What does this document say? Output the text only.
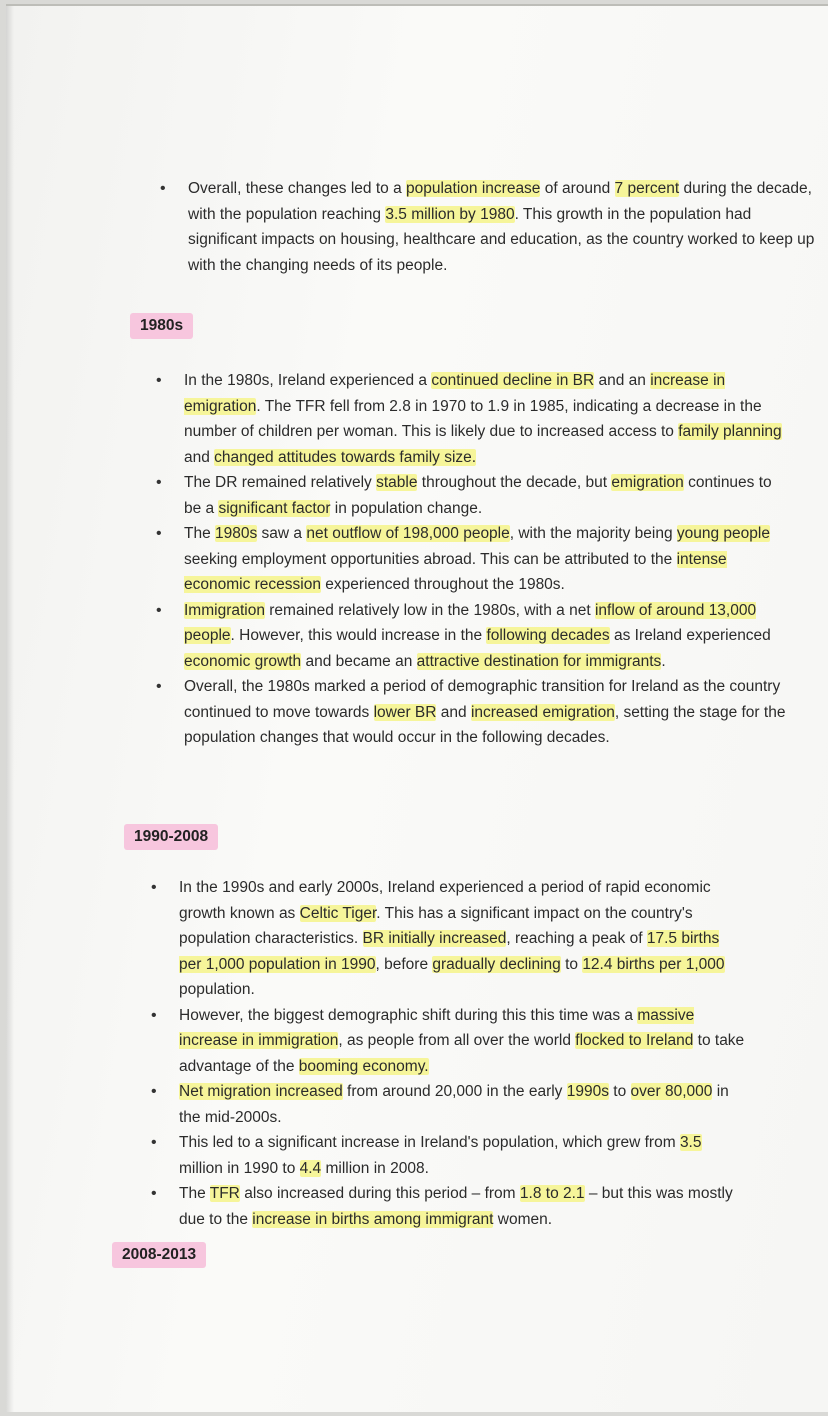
• Overall, these changes led to a population increase of around 7 percent during the decade, with the population reaching 3.5 million by 1980. This growth in the population had significant impacts on housing, healthcare and education, as the country worked to keep up with the changing needs of its people.
1980s
• In the 1980s, Ireland experienced a continued decline in BR and an increase in emigration. The TFR fell from 2.8 in 1970 to 1.9 in 1985, indicating a decrease in the number of children per woman. This is likely due to increased access to family planning and changed attitudes towards family size.
• The DR remained relatively stable throughout the decade, but emigration continues to be a significant factor in population change.
• The 1980s saw a net outflow of 198,000 people, with the majority being young people seeking employment opportunities abroad. This can be attributed to the intense economic recession experienced throughout the 1980s.
• Immigration remained relatively low in the 1980s, with a net inflow of around 13,000 people. However, this would increase in the following decades as Ireland experienced economic growth and became an attractive destination for immigrants.
• Overall, the 1980s marked a period of demographic transition for Ireland as the country continued to move towards lower BR and increased emigration, setting the stage for the population changes that would occur in the following decades.
1990-2008
• In the 1990s and early 2000s, Ireland experienced a period of rapid economic growth known as Celtic Tiger. This has a significant impact on the country's population characteristics. BR initially increased, reaching a peak of 17.5 births per 1,000 population in 1990, before gradually declining to 12.4 births per 1,000 population.
• However, the biggest demographic shift during this this time was a massive increase in immigration, as people from all over the world flocked to Ireland to take advantage of the booming economy.
• Net migration increased from around 20,000 in the early 1990s to over 80,000 in the mid-2000s.
• This led to a significant increase in Ireland's population, which grew from 3.5 million in 1990 to 4.4 million in 2008.
• The TFR also increased during this period – from 1.8 to 2.1 – but this was mostly due to the increase in births among immigrant women.
2008-2013
